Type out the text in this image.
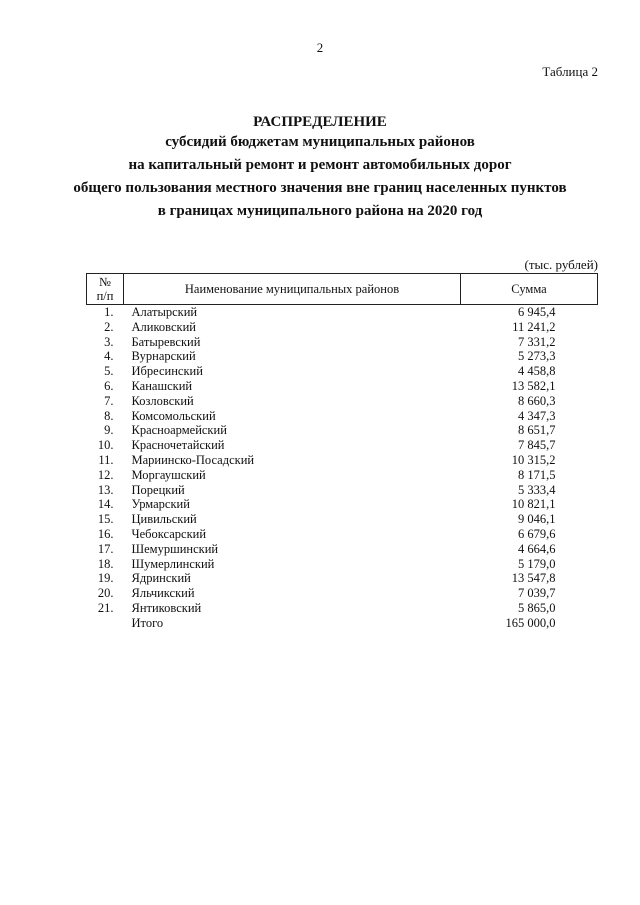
2
Таблица 2
РАСПРЕДЕЛЕНИЕ
субсидий бюджетам муниципальных районов
на капитальный ремонт и ремонт автомобильных дорог
общего пользования местного значения вне границ населенных пунктов
в границах муниципального района на 2020 год
(тыс. рублей)
№
п/п	Наименование муниципальных районов	Сумма
1.	Алатырский	6 945,4
2.	Аликовский	11 241,2
3.	Батыревский	7 331,2
4.	Вурнарский	5 273,3
5.	Ибресинский	4 458,8
6.	Канашский	13 582,1
7.	Козловский	8 660,3
8.	Комсомольский	4 347,3
9.	Красноармейский	8 651,7
10.	Красночетайский	7 845,7
11.	Мариинско-Посадский	10 315,2
12.	Моргаушский	8 171,5
13.	Порецкий	5 333,4
14.	Урмарский	10 821,1
15.	Цивильский	9 046,1
16.	Чебоксарский	6 679,6
17.	Шемуршинский	4 664,6
18.	Шумерлинский	5 179,0
19.	Ядринский	13 547,8
20.	Яльчикский	7 039,7
21.	Янтиковский	5 865,0
	Итого	165 000,0
